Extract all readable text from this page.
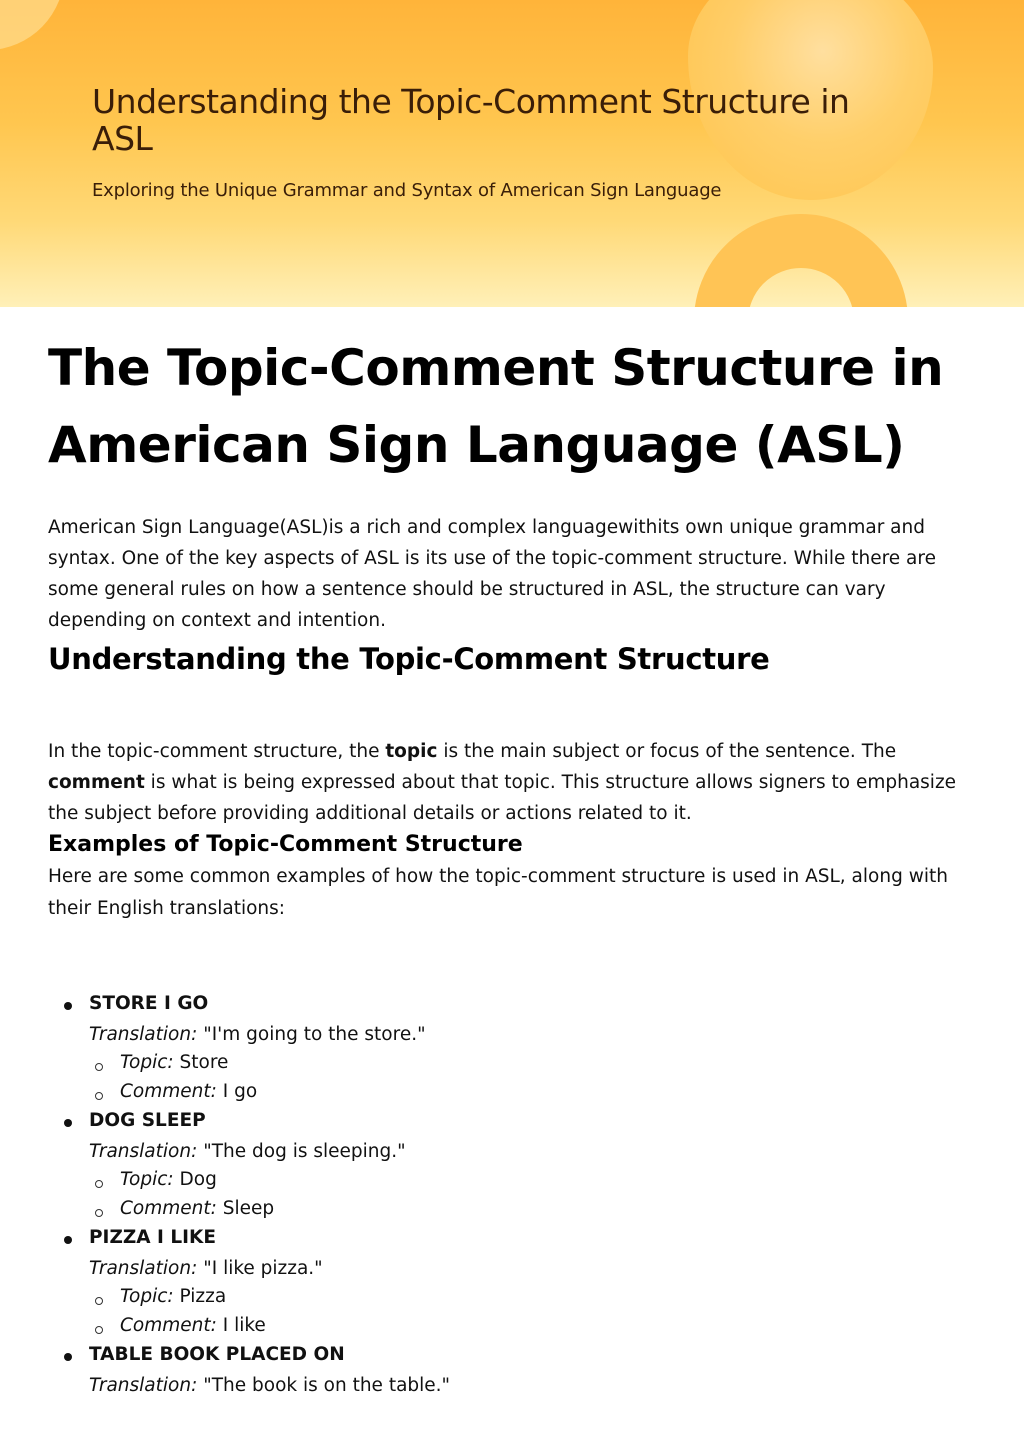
Understanding the Topic-Comment Structure in ASL

Exploring the Unique Grammar and Syntax of American Sign Language

The Topic-Comment Structure in American Sign Language (ASL)

American Sign Language(ASL)is a rich and complex languagewithits own unique grammar and syntax. One of the key aspects of ASL is its use of the topic-comment structure. While there are some general rules on how a sentence should be structured in ASL, the structure can vary depending on context and intention.

Understanding the Topic-Comment Structure

In the topic-comment structure, the topic is the main subject or focus of the sentence. The comment is what is being expressed about that topic. This structure allows signers to emphasize the subject before providing additional details or actions related to it.

Examples of Topic-Comment Structure

Here are some common examples of how the topic-comment structure is used in ASL, along with their English translations:

STORE I GO
Translation: "I'm going to the store."
Topic: Store
Comment: I go
DOG SLEEP
Translation: "The dog is sleeping."
Topic: Dog
Comment: Sleep
PIZZA I LIKE
Translation: "I like pizza."
Topic: Pizza
Comment: I like
TABLE BOOK PLACED ON
Translation: "The book is on the table."
